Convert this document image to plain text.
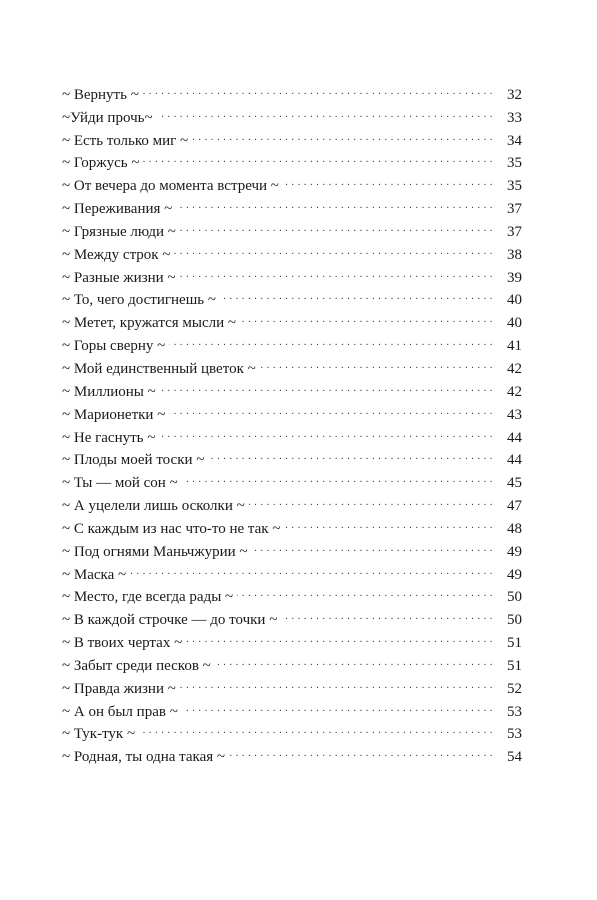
~ Вернуть ~ . . .	32
~Уйди прочь~ . . .	33
~ Есть только миг ~ . . .	34
~ Горжусь ~ . . .	35
~ От вечера до момента встречи ~ . . .	35
~ Переживания ~ . . .	37
~ Грязные люди ~ . . .	37
~ Между строк ~ . . .	38
~ Разные жизни ~ . . .	39
~ То, чего достигнешь ~ . . .	40
~ Метет, кружатся мысли ~ . . .	40
~ Горы сверну ~ . . .	41
~ Мой единственный цветок ~ . . .	42
~ Миллионы ~ . . .	42
~ Марионетки ~ . . .	43
~ Не гаснуть ~ . . .	44
~ Плоды моей тоски ~ . . .	44
~ Ты — мой сон ~ . . .	45
~ А уцелели лишь осколки ~ . . .	47
~ С каждым из нас что-то не так ~ . . .	48
~ Под огнями Маньчжурии ~ . . .	49
~ Маска ~ . . .	49
~ Место, где всегда рады ~ . . .	50
~ В каждой строчке — до точки ~ . . .	50
~ В твоих чертах ~ . . .	51
~ Забыт среди песков ~ . . .	51
~ Правда жизни ~ . . .	52
~ А он был прав ~ . . .	53
~ Тук-тук ~ . . .	53
~ Родная, ты одна такая ~ . . .	54
